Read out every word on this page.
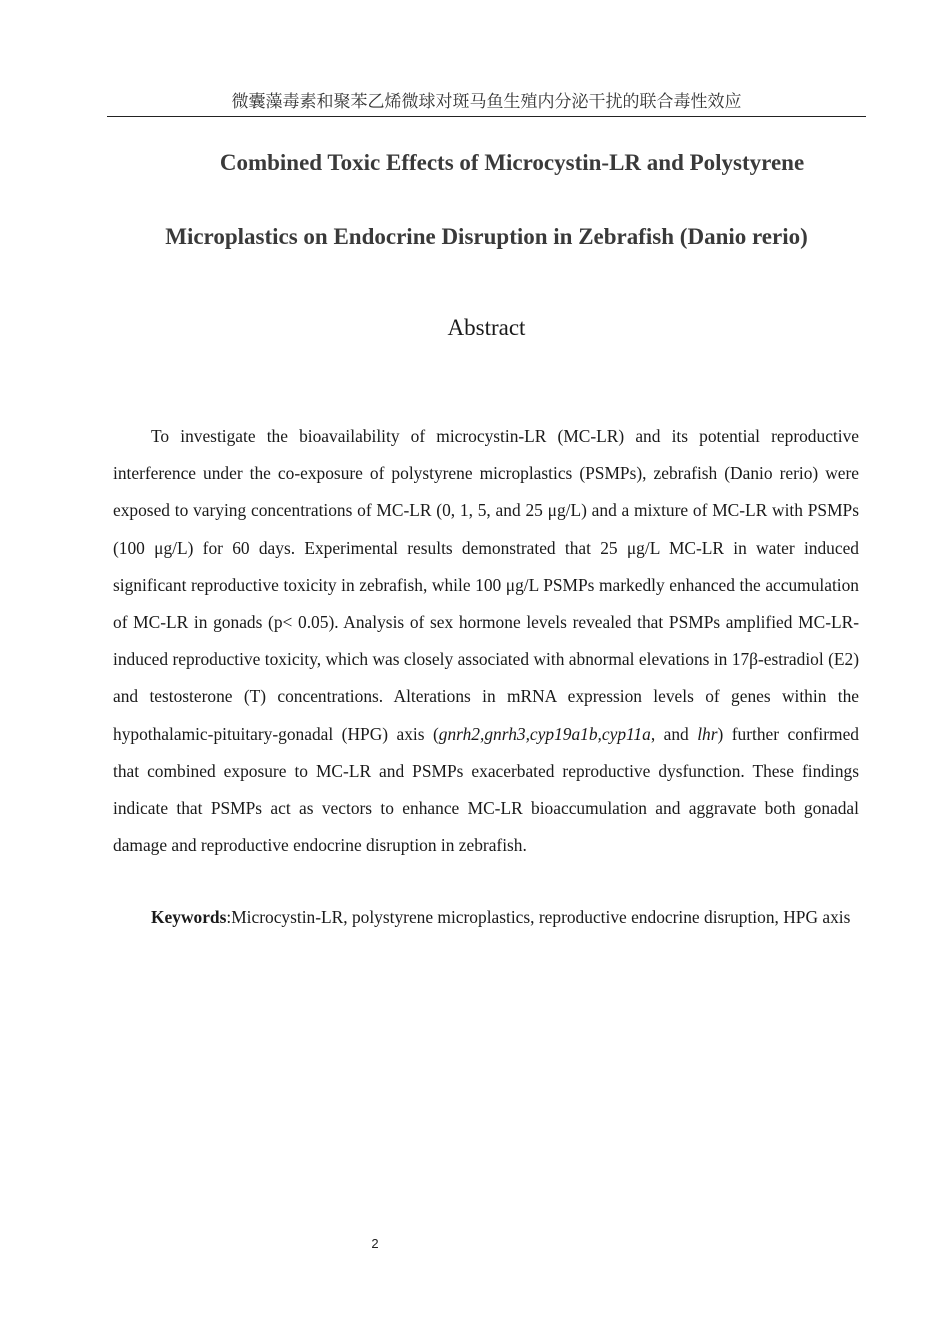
微囊藻毒素和聚苯乙烯微球对斑马鱼生殖内分泌干扰的联合毒性效应
Combined Toxic Effects of Microcystin-LR and Polystyrene
Microplastics on Endocrine Disruption in Zebrafish (Danio rerio)
Abstract

To investigate the bioavailability of microcystin-LR (MC-LR) and its potential reproductive interference under the co-exposure of polystyrene microplastics (PSMPs), zebrafish (Danio rerio) were exposed to varying concentrations of MC-LR (0, 1, 5, and 25 μg/L) and a mixture of MC-LR with PSMPs (100 μg/L) for 60 days. Experimental results demonstrated that 25 μg/L MC-LR in water induced significant reproductive toxicity in zebrafish, while 100 μg/L PSMPs markedly enhanced the accumulation of MC-LR in gonads (p< 0.05). Analysis of sex hormone levels revealed that PSMPs amplified MC-LR-induced reproductive toxicity, which was closely associated with abnormal elevations in 17β-estradiol (E2) and testosterone (T) concentrations. Alterations in mRNA expression levels of genes within the hypothalamic-pituitary-gonadal (HPG) axis (gnrh2,gnrh3,cyp19a1b,cyp11a, and lhr) further confirmed that combined exposure to MC-LR and PSMPs exacerbated reproductive dysfunction. These findings indicate that PSMPs act as vectors to enhance MC-LR bioaccumulation and aggravate both gonadal damage and reproductive endocrine disruption in zebrafish.

Keywords:Microcystin-LR, polystyrene microplastics, reproductive endocrine disruption, HPG axis

2
